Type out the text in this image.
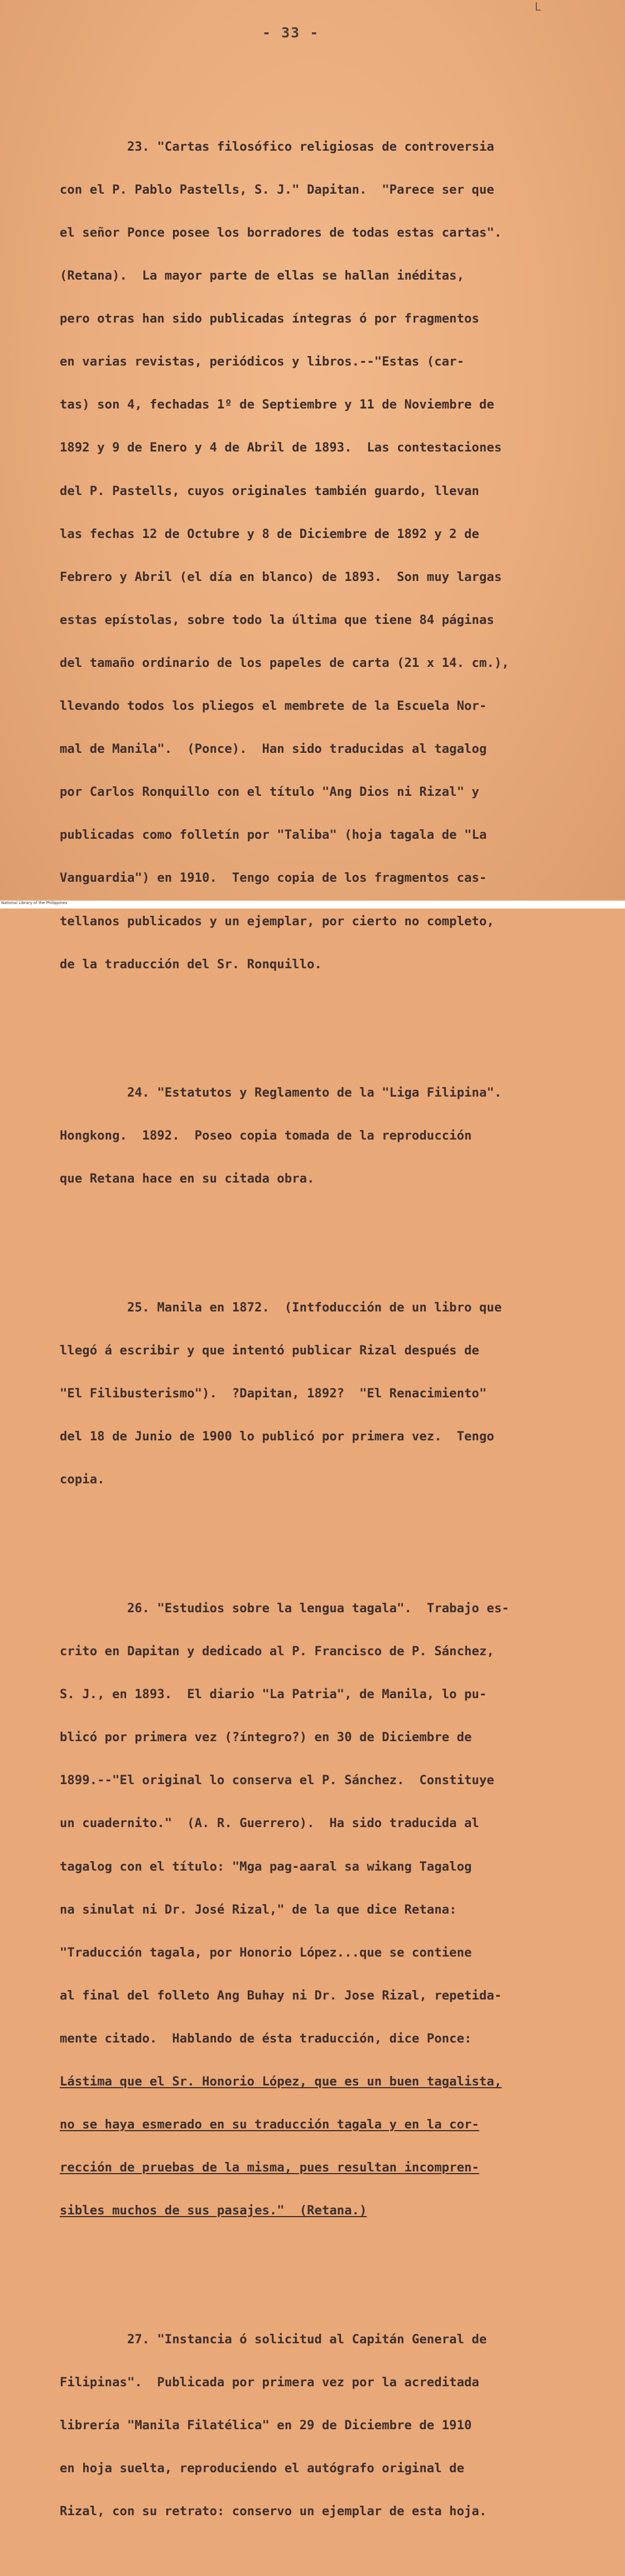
L
- 33 -

23. "Cartas filosófico religiosas de controversia

con el P. Pablo Pastells, S. J." Dapitan.  "Parece ser que

el señor Ponce posee los borradores de todas estas cartas".

(Retana).  La mayor parte de ellas se hallan inéditas,

pero otras han sido publicadas íntegras ó por fragmentos

en varias revistas, periódicos y libros.--"Estas (car-

tas) son 4, fechadas 1º de Septiembre y 11 de Noviembre de

1892 y 9 de Enero y 4 de Abril de 1893.  Las contestaciones

del P. Pastells, cuyos originales también guardo, llevan

las fechas 12 de Octubre y 8 de Diciembre de 1892 y 2 de

Febrero y Abril (el día en blanco) de 1893.  Son muy largas

estas epístolas, sobre todo la última que tiene 84 páginas

del tamaño ordinario de los papeles de carta (21 x 14. cm.),

llevando todos los pliegos el membrete de la Escuela Nor-

mal de Manila".  (Ponce).  Han sido traducidas al tagalog

por Carlos Ronquillo con el título "Ang Dios ni Rizal" y

publicadas como folletín por "Taliba" (hoja tagala de "La

Vanguardia") en 1910.  Tengo copia de los fragmentos cas-

tellanos publicados y un ejemplar, por cierto no completo,

de la traducción del Sr. Ronquillo.

24. "Estatutos y Reglamento de la "Liga Filipina".

Hongkong.  1892.  Poseo copia tomada de la reproducción

que Retana hace en su citada obra.

25. Manila en 1872.  (Intfoducción de un libro que

llegó á escribir y que intentó publicar Rizal después de

"El Filibusterismo").  ?Dapitan, 1892?  "El Renacimiento"

del 18 de Junio de 1900 lo publicó por primera vez.  Tengo

copia.

26. "Estudios sobre la lengua tagala".  Trabajo es-

crito en Dapitan y dedicado al P. Francisco de P. Sánchez,

S. J., en 1893.  El diario "La Patria", de Manila, lo pu-

blicó por primera vez (?íntegro?) en 30 de Diciembre de

1899.--"El original lo conserva el P. Sánchez.  Constituye

un cuadernito."  (A. R. Guerrero).  Ha sido traducida al

tagalog con el título: "Mga pag-aaral sa wikang Tagalog

na sinulat ni Dr. José Rizal," de la que dice Retana:

"Traducción tagala, por Honorio López...que se contiene

al final del folleto Ang Buhay ni Dr. Jose Rizal, repetida-

mente citado.  Hablando de ésta traducción, dice Ponce:

Lástima que el Sr. Honorio López, que es un buen tagalista,

no se haya esmerado en su traducción tagala y en la cor-

rección de pruebas de la misma, pues resultan incompren-

sibles muchos de sus pasajes."  (Retana.)

27. "Instancia ó solicitud al Capitán General de

Filipinas".  Publicada por primera vez por la acreditada

librería "Manila Filatélica" en 29 de Diciembre de 1910

en hoja suelta, reproduciendo el autógrafo original de

Rizal, con su retrato: conservo un ejemplar de esta hoja.

National Library of the Philippines
